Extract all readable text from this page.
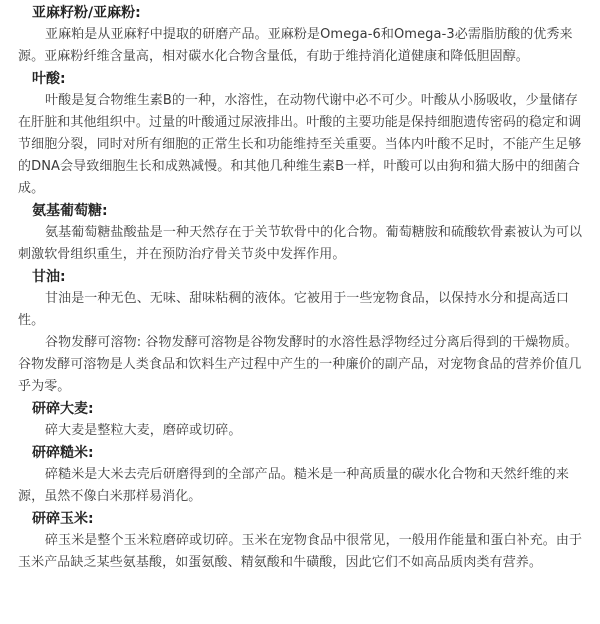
亚麻籽粉/亚麻粉:

亚麻粕是从亚麻籽中提取的研磨产品。亚麻粉是Omega-6和Omega-3必需脂肪酸的优秀来源。亚麻粉纤维含量高，相对碳水化合物含量低，有助于维持消化道健康和降低胆固醇。

叶酸:

叶酸是复合物维生素B的一种，水溶性，在动物代谢中必不可少。叶酸从小肠吸收，少量储存在肝脏和其他组织中。过量的叶酸通过尿液排出。叶酸的主要功能是保持细胞遗传密码的稳定和调节细胞分裂，同时对所有细胞的正常生长和功能维持至关重要。当体内叶酸不足时，不能产生足够的DNA会导致细胞生长和成熟减慢。和其他几种维生素B一样，叶酸可以由狗和猫大肠中的细菌合成。

氨基葡萄糖:

氨基葡萄糖盐酸盐是一种天然存在于关节软骨中的化合物。葡萄糖胺和硫酸软骨素被认为可以刺激软骨组织重生，并在预防治疗骨关节炎中发挥作用。

甘油:

甘油是一种无色、无味、甜味粘稠的液体。它被用于一些宠物食品，以保持水分和提高适口性。

谷物发酵可溶物: 谷物发酵可溶物是谷物发酵时的水溶性悬浮物经过分离后得到的干燥物质。谷物发酵可溶物是人类食品和饮料生产过程中产生的一种廉价的副产品，对宠物食品的营养价值几乎为零。

研碎大麦:

碎大麦是整粒大麦，磨碎或切碎。

研碎糙米:

碎糙米是大米去壳后研磨得到的全部产品。糙米是一种高质量的碳水化合物和天然纤维的来源，虽然不像白米那样易消化。

研碎玉米:

碎玉米是整个玉米粒磨碎或切碎。玉米在宠物食品中很常见，一般用作能量和蛋白补充。由于玉米产品缺乏某些氨基酸，如蛋氨酸、精氨酸和牛磺酸，因此它们不如高品质肉类有营养。
